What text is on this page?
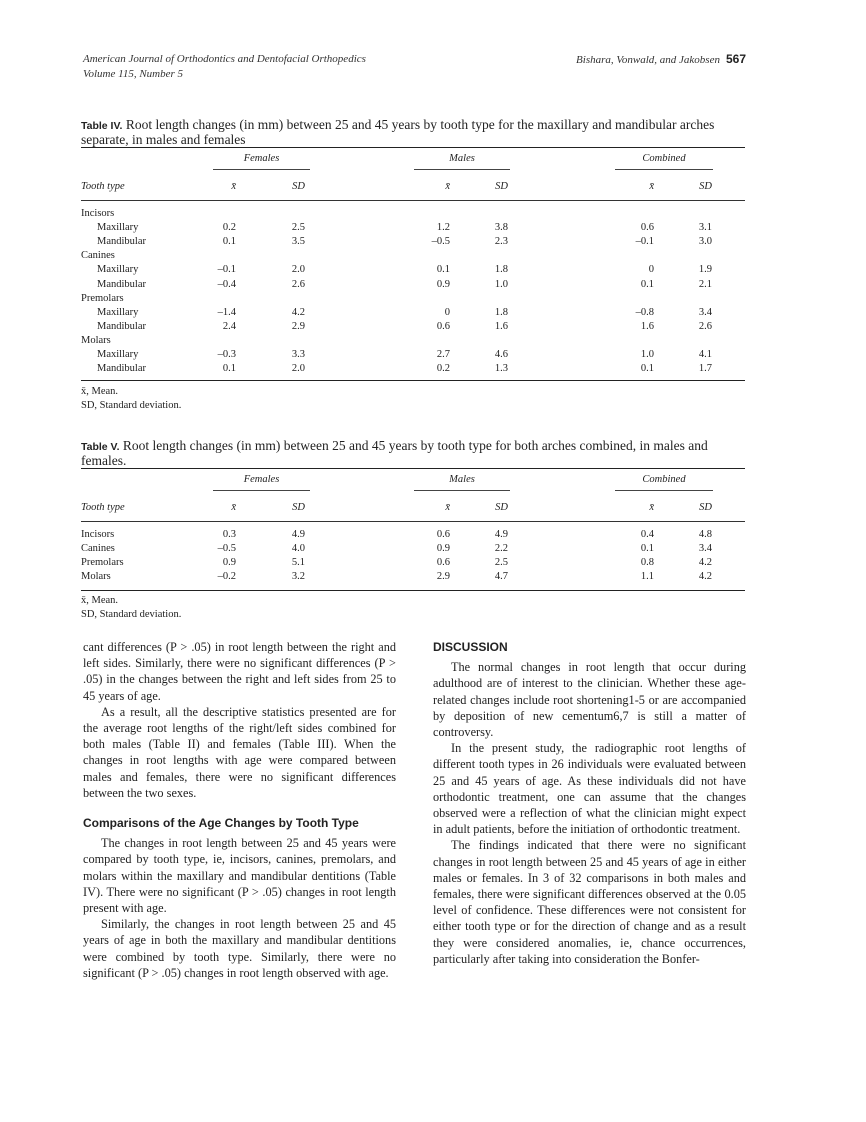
American Journal of Orthodontics and Dentofacial Orthopedics
Volume 115, Number 5
Bishara, Vonwald, and Jakobsen 567
Table IV. Root length changes (in mm) between 25 and 45 years by tooth type for the maxillary and mandibular arches separate, in males and females
Females	Males	Combined
Tooth type	x̄	SD	x̄	SD	x̄	SD
Incisors
Maxillary	0.2	2.5	1.2	3.8	0.6	3.1
Mandibular	0.1	3.5	–0.5	2.3	–0.1	3.0
Canines
Maxillary	–0.1	2.0	0.1	1.8	0	1.9
Mandibular	–0.4	2.6	0.9	1.0	0.1	2.1
Premolars
Maxillary	–1.4	4.2	0	1.8	–0.8	3.4
Mandibular	2.4	2.9	0.6	1.6	1.6	2.6
Molars
Maxillary	–0.3	3.3	2.7	4.6	1.0	4.1
Mandibular	0.1	2.0	0.2	1.3	0.1	1.7
x̄, Mean.
SD, Standard deviation.
Table V. Root length changes (in mm) between 25 and 45 years by tooth type for both arches combined, in males and females.
Females	Males	Combined
Tooth type	x̄	SD	x̄	SD	x̄	SD
Incisors	0.3	4.9	0.6	4.9	0.4	4.8
Canines	–0.5	4.0	0.9	2.2	0.1	3.4
Premolars	0.9	5.1	0.6	2.5	0.8	4.2
Molars	–0.2	3.2	2.9	4.7	1.1	4.2
x̄, Mean.
SD, Standard deviation.

cant differences (P > .05) in root length between the right and left sides. Similarly, there were no significant differences (P > .05) in the changes between the right and left sides from 25 to 45 years of age.

As a result, all the descriptive statistics presented are for the average root lengths of the right/left sides combined for both males (Table II) and females (Table III). When the changes in root lengths with age were compared between males and females, there were no significant differences between the two sexes.

Comparisons of the Age Changes by Tooth Type

The changes in root length between 25 and 45 years were compared by tooth type, ie, incisors, canines, premolars, and molars within the maxillary and mandibular dentitions (Table IV). There were no significant (P > .05) changes in root length present with age.

Similarly, the changes in root length between 25 and 45 years of age in both the maxillary and mandibular dentitions were combined by tooth type. Similarly, there were no significant (P > .05) changes in root length observed with age.

DISCUSSION

The normal changes in root length that occur during adulthood are of interest to the clinician. Whether these age-related changes include root shortening1-5 or are accompanied by deposition of new cementum6,7 is still a matter of controversy.

In the present study, the radiographic root lengths of different tooth types in 26 individuals were evaluated between 25 and 45 years of age. As these individuals did not have orthodontic treatment, one can assume that the changes observed were a reflection of what the clinician might expect in adult patients, before the initiation of orthodontic treatment.

The findings indicated that there were no significant changes in root length between 25 and 45 years of age in either males or females. In 3 of 32 comparisons in both males and females, there were significant differences observed at the 0.05 level of confidence. These differences were not consistent for either tooth type or for the direction of change and as a result they were considered anomalies, ie, chance occurrences, particularly after taking into consideration the Bonfer-
